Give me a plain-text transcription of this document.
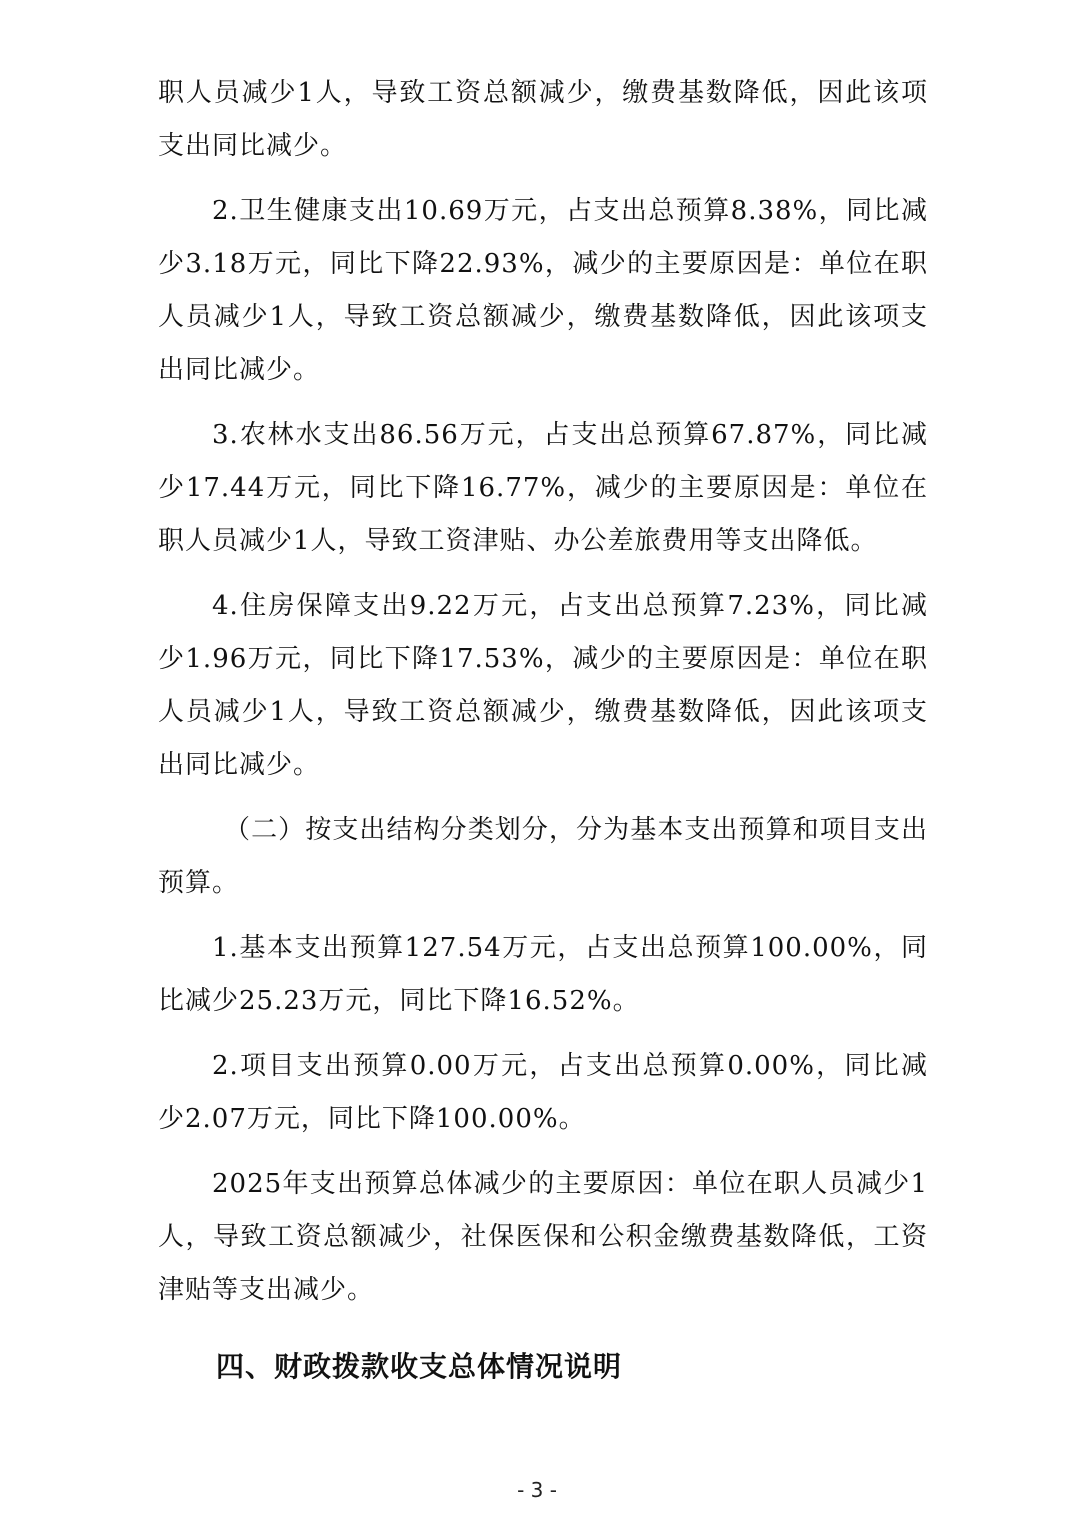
职人员减少1人，导致工资总额减少，缴费基数降低，因此该项支出同比减少。

2.卫生健康支出10.69万元，占支出总预算8.38%，同比减少3.18万元，同比下降22.93%，减少的主要原因是：单位在职人员减少1人，导致工资总额减少，缴费基数降低，因此该项支出同比减少。

3.农林水支出86.56万元，占支出总预算67.87%，同比减少17.44万元，同比下降16.77%，减少的主要原因是：单位在职人员减少1人，导致工资津贴、办公差旅费用等支出降低。

4.住房保障支出9.22万元，占支出总预算7.23%，同比减少1.96万元，同比下降17.53%，减少的主要原因是：单位在职人员减少1人，导致工资总额减少，缴费基数降低，因此该项支出同比减少。

（二）按支出结构分类划分，分为基本支出预算和项目支出预算。

1.基本支出预算127.54万元，占支出总预算100.00%，同比减少25.23万元，同比下降16.52%。

2.项目支出预算0.00万元，占支出总预算0.00%，同比减少2.07万元，同比下降100.00%。

2025年支出预算总体减少的主要原因：单位在职人员减少1人，导致工资总额减少，社保医保和公积金缴费基数降低，工资津贴等支出减少。

四、财政拨款收支总体情况说明
- 3 -
